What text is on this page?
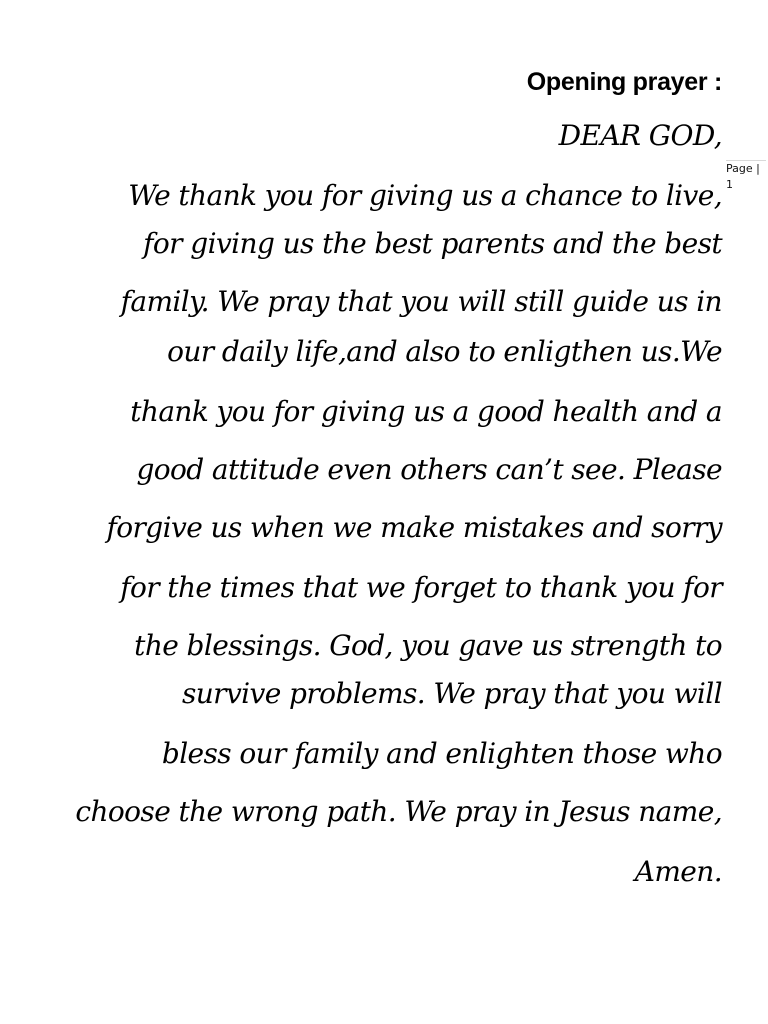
Opening prayer :
Page |
1
DEAR GOD,
We thank you for giving us a chance to live,
for giving us the best parents and the best
family. We pray that you will still guide us in
our daily life,and also to enligthen us.We
thank you for giving us a good health and a
good attitude even others can’t see. Please
forgive us when we make mistakes and sorry
for the times that we forget to thank you for
the blessings. God, you gave us strength to
survive problems. We pray that you will
bless our family and enlighten those who
choose the wrong path. We pray in Jesus name,
Amen.
